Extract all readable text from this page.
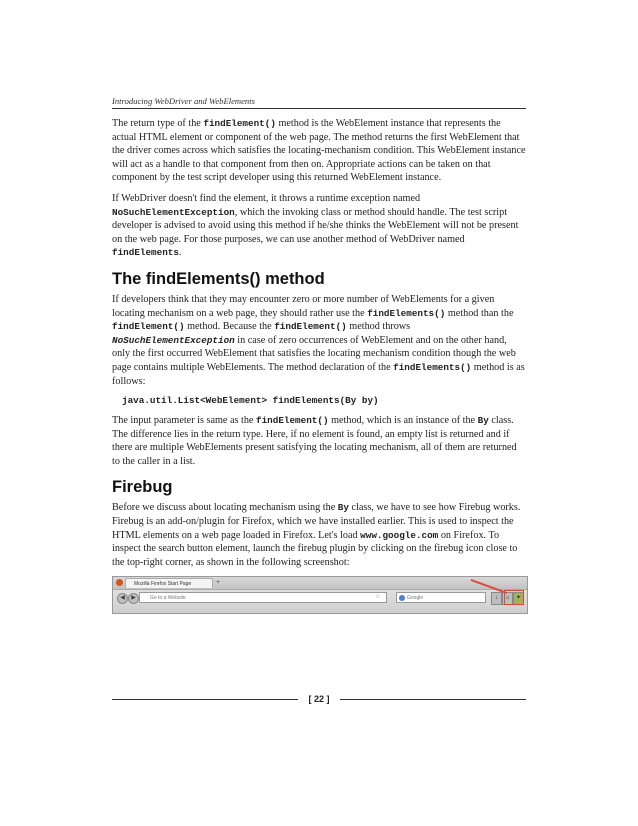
Introducing WebDriver and WebElements

The return type of the findElement() method is the WebElement instance that represents the actual HTML element or component of the web page. The method returns the first WebElement that the driver comes across which satisfies the locating-mechanism condition. This WebElement instance will act as a handle to that component from then on. Appropriate actions can be taken on that component by the test script developer using this returned WebElement instance.

If WebDriver doesn't find the element, it throws a runtime exception named NoSuchElementException, which the invoking class or method should handle. The test script developer is advised to avoid using this method if he/she thinks the WebElement will not be present on the web page. For those purposes, we can use another method of WebDriver named findElements.

The findElements() method

If developers think that they may encounter zero or more number of WebElements for a given locating mechanism on a web page, they should rather use the findElements() method than the findElement() method. Because the findElement() method throws NoSuchElementException in case of zero occurrences of WebElement and on the other hand, only the first occurred WebElement that satisfies the locating mechanism condition though the web page contains multiple WebElements. The method declaration of the findElements() method is as follows:

java.util.List<WebElement> findElements(By by)

The input parameter is same as the findElement() method, which is an instance of the By class. The difference lies in the return type. Here, if no element is found, an empty list is returned and if there are multiple WebElements present satisfying the locating mechanism, all of them are returned to the caller in a list.

Firebug

Before we discuss about locating mechanism using the By class, we have to see how Firebug works. Firebug is an add-on/plugin for Firefox, which we have installed earlier. This is used to inspect the HTML elements on a web page loaded in Firefox. Let's load www.google.com on Firefox. To inspect the search button element, launch the firebug plugin by clicking on the firebug icon close to the top-right corner, as shown in the following screenshot:

Mozilla Firefox Start Page	+
◀	▶	Go to a Website	☆	Google	↓	⌂	✦
[ 22 ]
